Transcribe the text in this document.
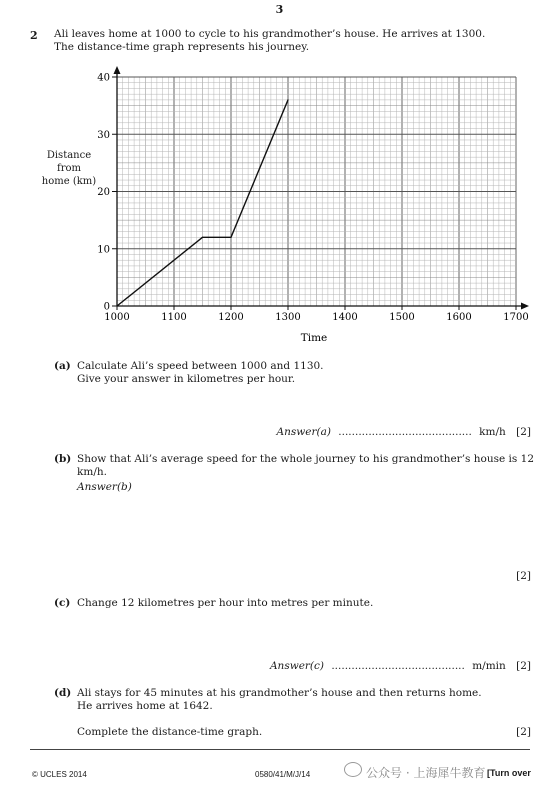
3
2 Ali leaves home at 1000 to cycle to his grandmother’s house. He arrives at 1300.
The distance-time graph represents his journey.
Distance from
home (km)
0
10
20
30
40
1000	1100	1200	1300	1400	1500	1600	1700
Time
(a) Calculate Ali’s speed between 1000 and 1130.
Give your answer in kilometres per hour.
Answer(a) ........................................ km/h [2]
(b) Show that Ali’s average speed for the whole journey to his grandmother’s house is 12 km/h.
Answer(b)
[2]
(c) Change 12 kilometres per hour into metres per minute.
Answer(c) ........................................ m/min [2]
(d) Ali stays for 45 minutes at his grandmother’s house and then returns home.
He arrives home at 1642.
Complete the distance-time graph.	[2]
© UCLES 2014	0580/41/M/J/14	公众号 · 上海犀牛教育 [Turn over
